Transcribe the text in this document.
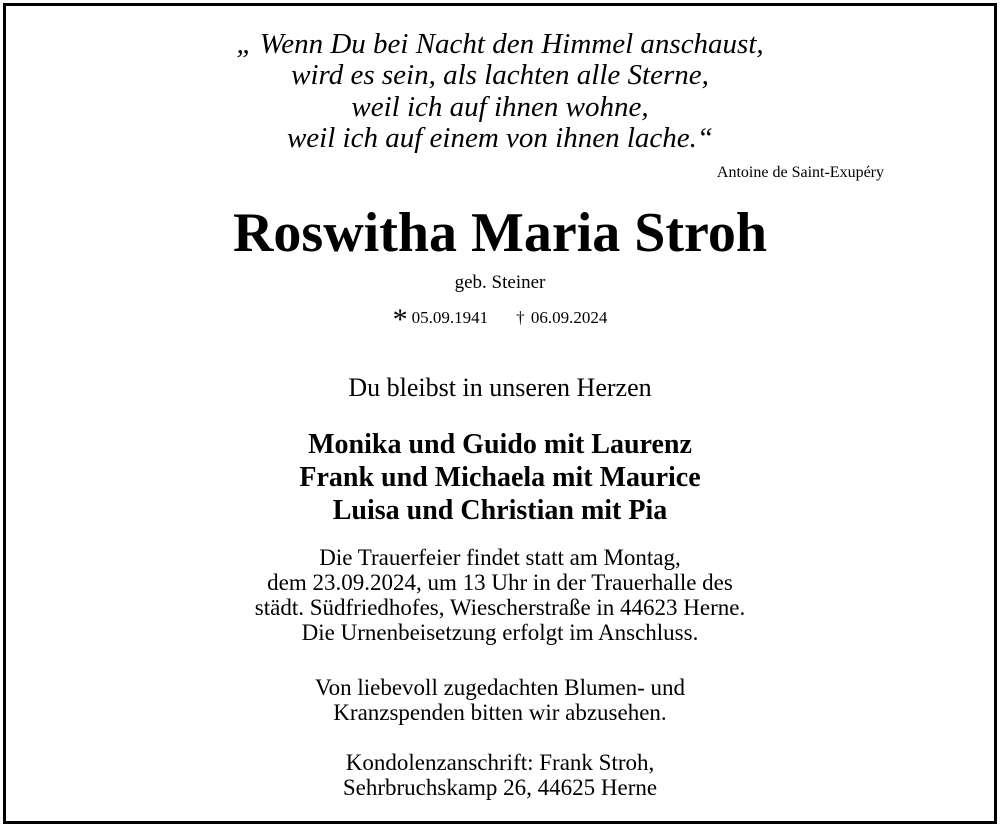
„ Wenn Du bei Nacht den Himmel anschaust,
wird es sein, als lachten alle Sterne,
weil ich auf ihnen wohne,
weil ich auf einem von ihnen lache.“
Antoine de Saint-Exupéry
Roswitha Maria Stroh
geb. Steiner
* 05.09.1941 † 06.09.2024
Du bleibst in unseren Herzen
Monika und Guido mit Laurenz
Frank und Michaela mit Maurice
Luisa und Christian mit Pia
Die Trauerfeier findet statt am Montag,
dem 23.09.2024, um 13 Uhr in der Trauerhalle des
städt. Südfriedhofes, Wiescherstraße in 44623 Herne.
Die Urnenbeisetzung erfolgt im Anschluss.
Von liebevoll zugedachten Blumen- und
Kranzspenden bitten wir abzusehen.
Kondolenzanschrift: Frank Stroh,
Sehrbruchskamp 26, 44625 Herne
